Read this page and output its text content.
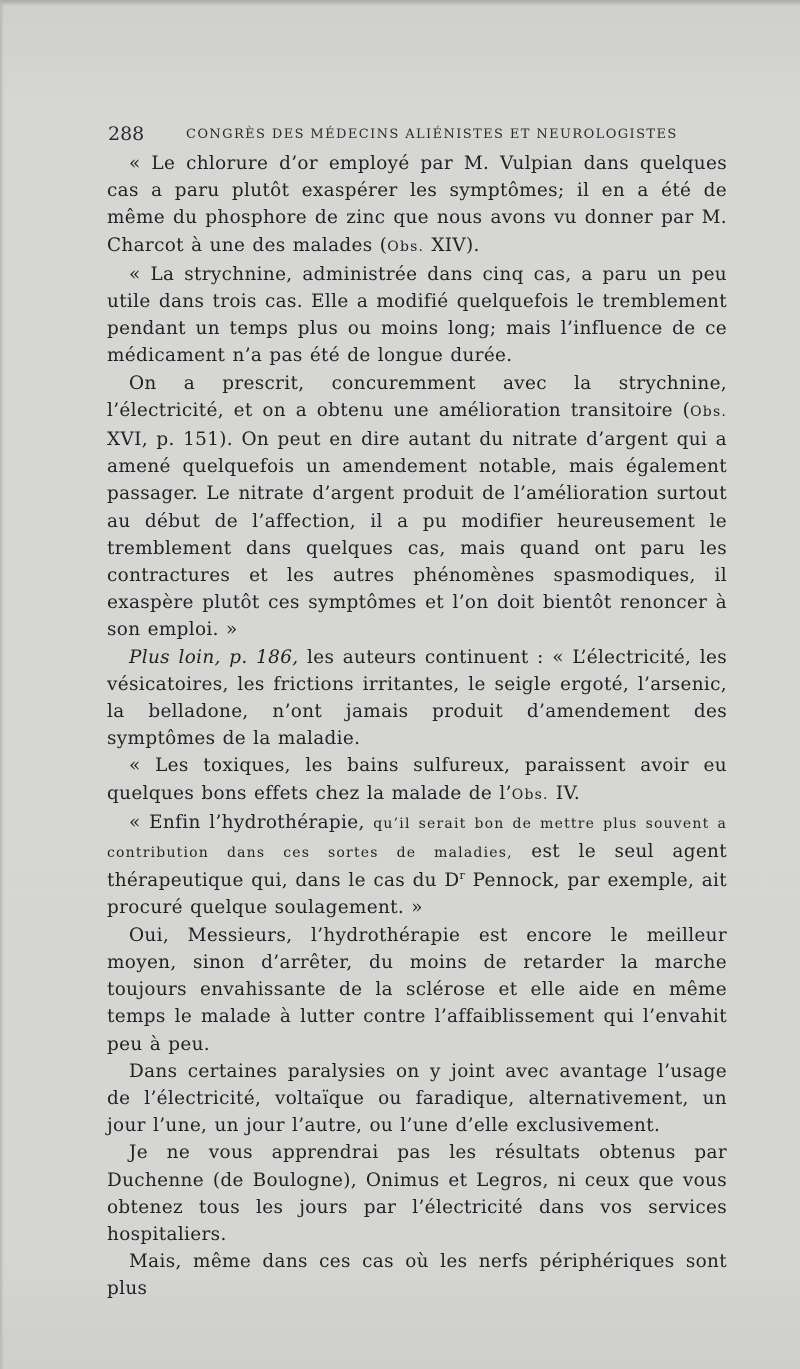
288	CONGRÈS DES MÉDECINS ALIÉNISTES ET NEUROLOGISTES

« Le chlorure d’or employé par M. Vulpian dans quelques cas a paru plutôt exaspérer les symptômes; il en a été de même du phosphore de zinc que nous avons vu donner par M. Charcot à une des malades (Obs. XIV).

« La strychnine, administrée dans cinq cas, a paru un peu utile dans trois cas. Elle a modifié quelquefois le tremblement pendant un temps plus ou moins long; mais l’influence de ce médicament n’a pas été de longue durée.

On a prescrit, concuremment avec la strychnine, l’électricité, et on a obtenu une amélioration transitoire (Obs. XVI, p. 151). On peut en dire autant du nitrate d’argent qui a amené quelquefois un amendement notable, mais également passager. Le nitrate d’argent produit de l’amélioration surtout au début de l’affection, il a pu modifier heureusement le tremblement dans quelques cas, mais quand ont paru les contractures et les autres phénomènes spasmodiques, il exaspère plutôt ces symptômes et l’on doit bientôt renoncer à son emploi. »

Plus loin, p. 186, les auteurs continuent : « L’électricité, les vésicatoires, les frictions irritantes, le seigle ergoté, l’arsenic, la belladone, n’ont jamais produit d’amendement des symptômes de la maladie.

« Les toxiques, les bains sulfureux, paraissent avoir eu quelques bons effets chez la malade de l’Obs. IV.

« Enfin l’hydrothérapie, qu’il serait bon de mettre plus souvent a contribution dans ces sortes de maladies, est le seul agent thérapeutique qui, dans le cas du $D^r$ Pennock, par exemple, ait procuré quelque soulagement. »

Oui, Messieurs, l’hydrothérapie est encore le meilleur moyen, sinon d’arrêter, du moins de retarder la marche toujours envahissante de la sclérose et elle aide en même temps le malade à lutter contre l’affaiblissement qui l’envahit peu à peu.

Dans certaines paralysies on y joint avec avantage l’usage de l’électricité, voltaïque ou faradique, alternativement, un jour l’une, un jour l’autre, ou l’une d’elle exclusivement.

Je ne vous apprendrai pas les résultats obtenus par Duchenne (de Boulogne), Onimus et Legros, ni ceux que vous obtenez tous les jours par l’électricité dans vos services hospitaliers.

Mais, même dans ces cas où les nerfs périphériques sont plus
